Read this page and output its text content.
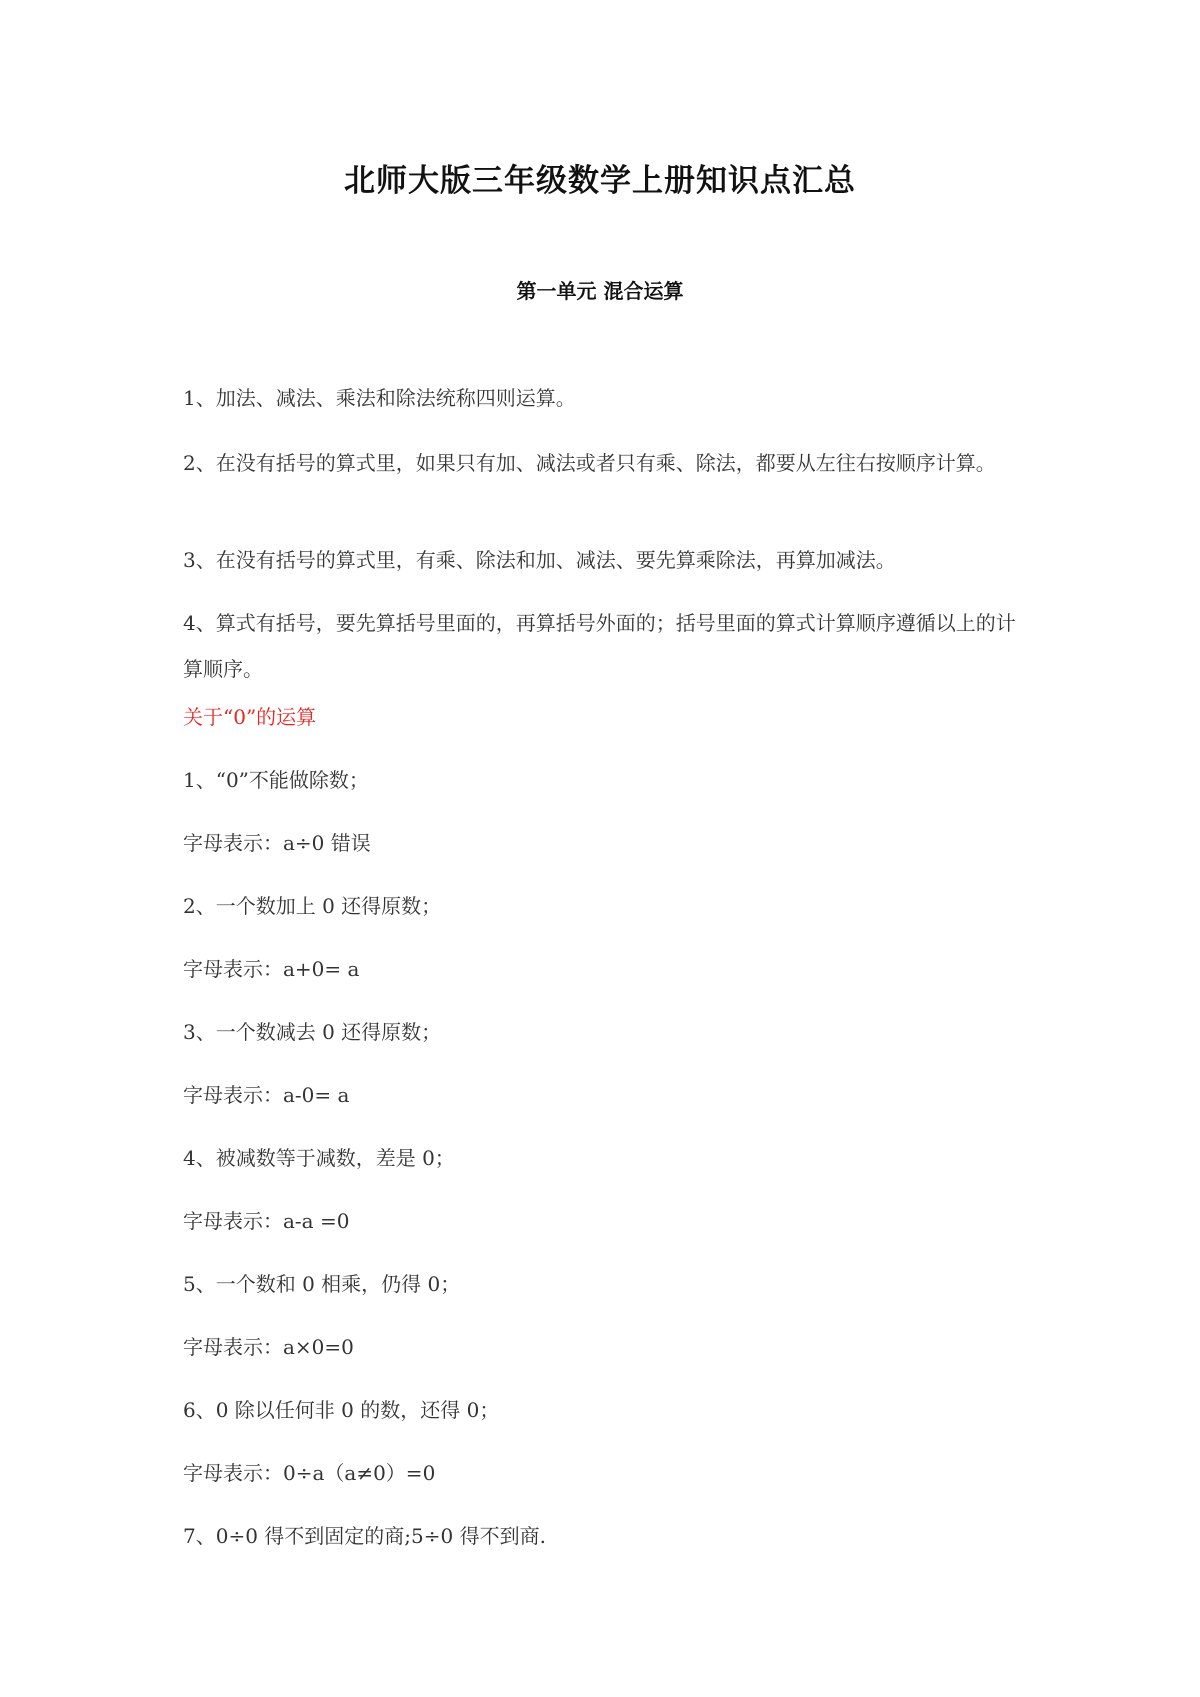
北师大版三年级数学上册知识点汇总
第一单元 混合运算

1、加法、减法、乘法和除法统称四则运算。

2、在没有括号的算式里，如果只有加、减法或者只有乘、除法，都要从左往右按顺序计算。

3、在没有括号的算式里，有乘、除法和加、减法、要先算乘除法，再算加减法。

4、算式有括号，要先算括号里面的，再算括号外面的；括号里面的算式计算顺序遵循以上的计算顺序。

关于“0”的运算

1、“0”不能做除数；

字母表示：a÷0 错误

2、一个数加上 0 还得原数；

字母表示：a+0= a

3、一个数减去 0 还得原数；

字母表示：a-0= a

4、被减数等于减数，差是 0；

字母表示：a-a =0

5、一个数和 0 相乘，仍得 0；

字母表示：a×0=0

6、0 除以任何非 0 的数，还得 0；

字母表示：0÷a（a≠0）=0

7、0÷0 得不到固定的商;5÷0 得不到商.
